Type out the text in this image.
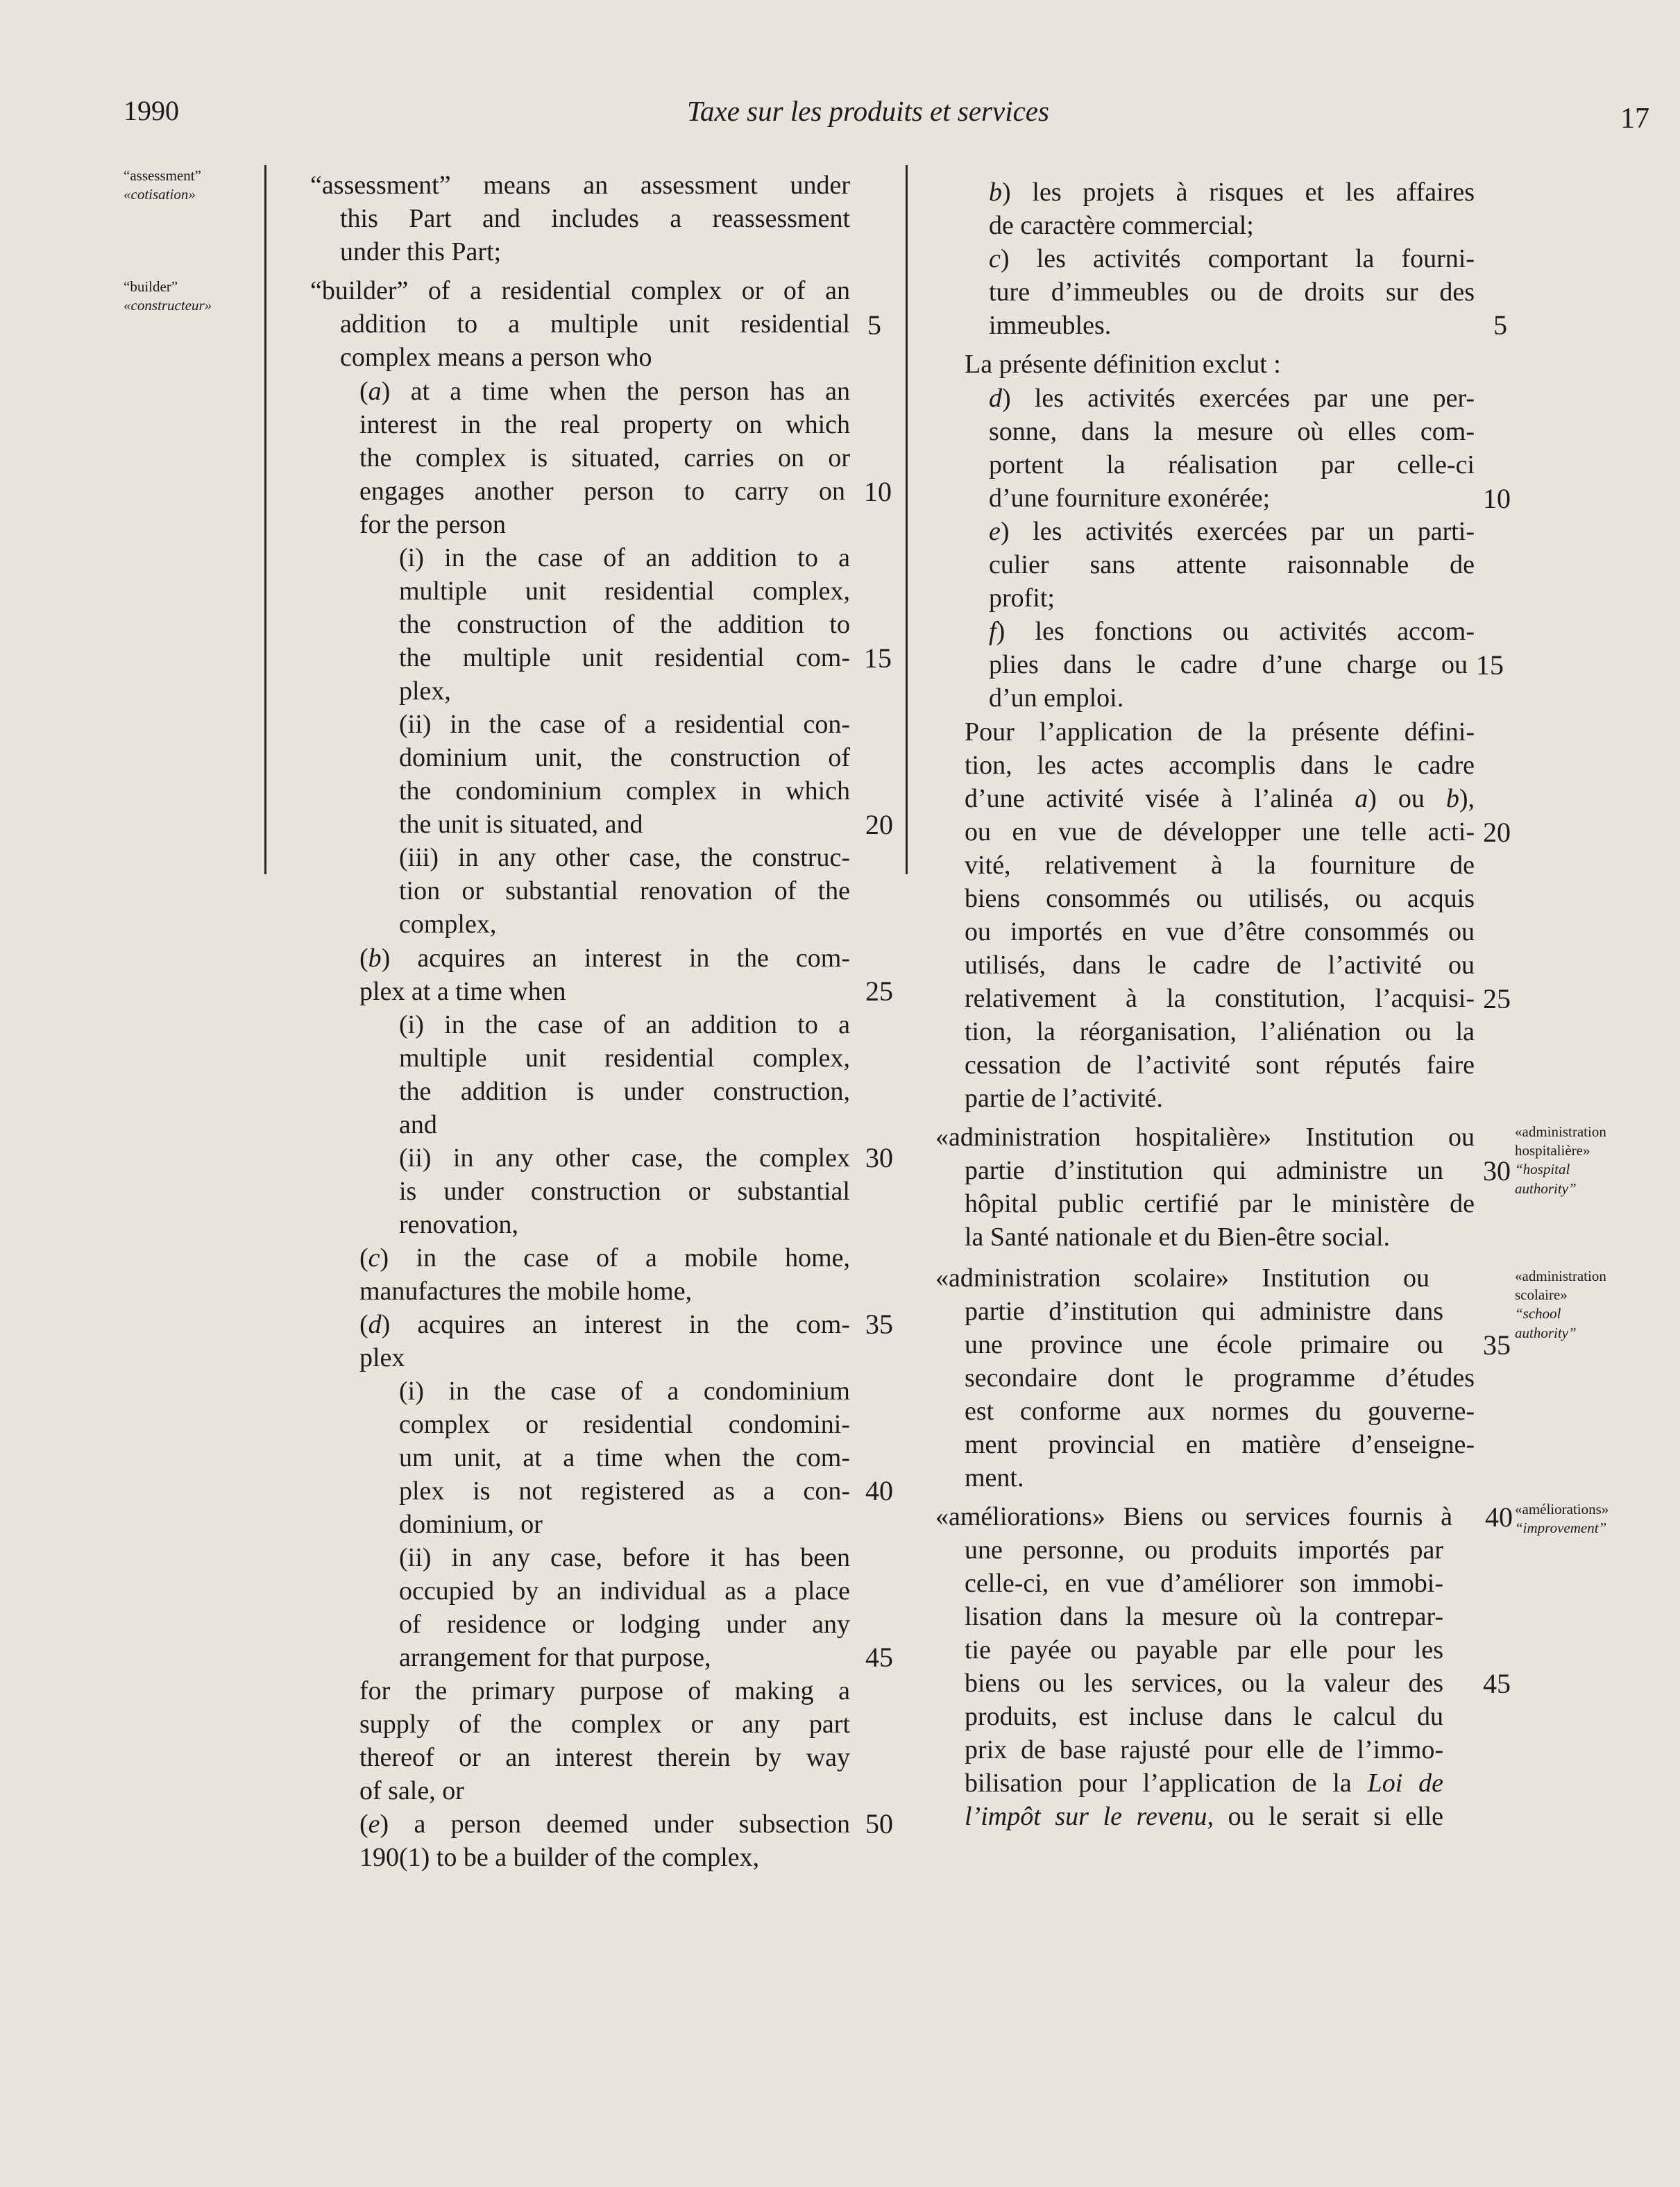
1990	Taxe sur les produits et services	17
“assessment”
«cotisation»
“builder”
«constructeur»
“assessment” means an assessment under
this Part and includes a reassessment
under this Part;
“builder” of a residential complex or of an
addition to a multiple unit residential
complex means a person who
(a) at a time when the person has an
interest in the real property on which
the complex is situated, carries on or
engages another person to carry on
for the person
(i) in the case of an addition to a
multiple unit residential complex,
the construction of the addition to
the multiple unit residential com-
plex,
(ii) in the case of a residential con-
dominium unit, the construction of
the condominium complex in which
the unit is situated, and
(iii) in any other case, the construc-
tion or substantial renovation of the
complex,
(b) acquires an interest in the com-
plex at a time when
(i) in the case of an addition to a
multiple unit residential complex,
the addition is under construction,
and
(ii) in any other case, the complex
is under construction or substantial
renovation,
(c) in the case of a mobile home,
manufactures the mobile home,
(d) acquires an interest in the com-
plex
(i) in the case of a condominium
complex or residential condomini-
um unit, at a time when the com-
plex is not registered as a con-
dominium, or
(ii) in any case, before it has been
occupied by an individual as a place
of residence or lodging under any
arrangement for that purpose,
for the primary purpose of making a
supply of the complex or any part
thereof or an interest therein by way
of sale, or
(e) a person deemed under subsection
190(1) to be a builder of the complex,
b) les projets à risques et les affaires
de caractère commercial;
c) les activités comportant la fourni-
ture d’immeubles ou de droits sur des
immeubles.
La présente définition exclut :
d) les activités exercées par une per-
sonne, dans la mesure où elles com-
portent la réalisation par celle-ci
d’une fourniture exonérée;
e) les activités exercées par un parti-
culier sans attente raisonnable de
profit;
f) les fonctions ou activités accom-
plies dans le cadre d’une charge ou
d’un emploi.
Pour l’application de la présente défini-
tion, les actes accomplis dans le cadre
d’une activité visée à l’alinéa a) ou b),
ou en vue de développer une telle acti-
vité, relativement à la fourniture de
biens consommés ou utilisés, ou acquis
ou importés en vue d’être consommés ou
utilisés, dans le cadre de l’activité ou
relativement à la constitution, l’acquisi-
tion, la réorganisation, l’aliénation ou la
cessation de l’activité sont réputés faire
partie de l’activité.
«administration hospitalière» Institution ou
partie d’institution qui administre un
hôpital public certifié par le ministère de
la Santé nationale et du Bien-être social.
«administration scolaire» Institution ou
partie d’institution qui administre dans
une province une école primaire ou
secondaire dont le programme d’études
est conforme aux normes du gouverne-
ment provincial en matière d’enseigne-
ment.
«améliorations» Biens ou services fournis à
une personne, ou produits importés par
celle-ci, en vue d’améliorer son immobi-
lisation dans la mesure où la contrepar-
tie payée ou payable par elle pour les
biens ou les services, ou la valeur des
produits, est incluse dans le calcul du
prix de base rajusté pour elle de l’immo-
bilisation pour l’application de la Loi de
l’impôt sur le revenu, ou le serait si elle
«administration
hospitalière»
“hospital
authority”
«administration
scolaire»
“school
authority”
«améliorations»
“improvement”
5	5
10	10
15	15
20	20
25	25
30	30
35
35
40
40
45
45
50
